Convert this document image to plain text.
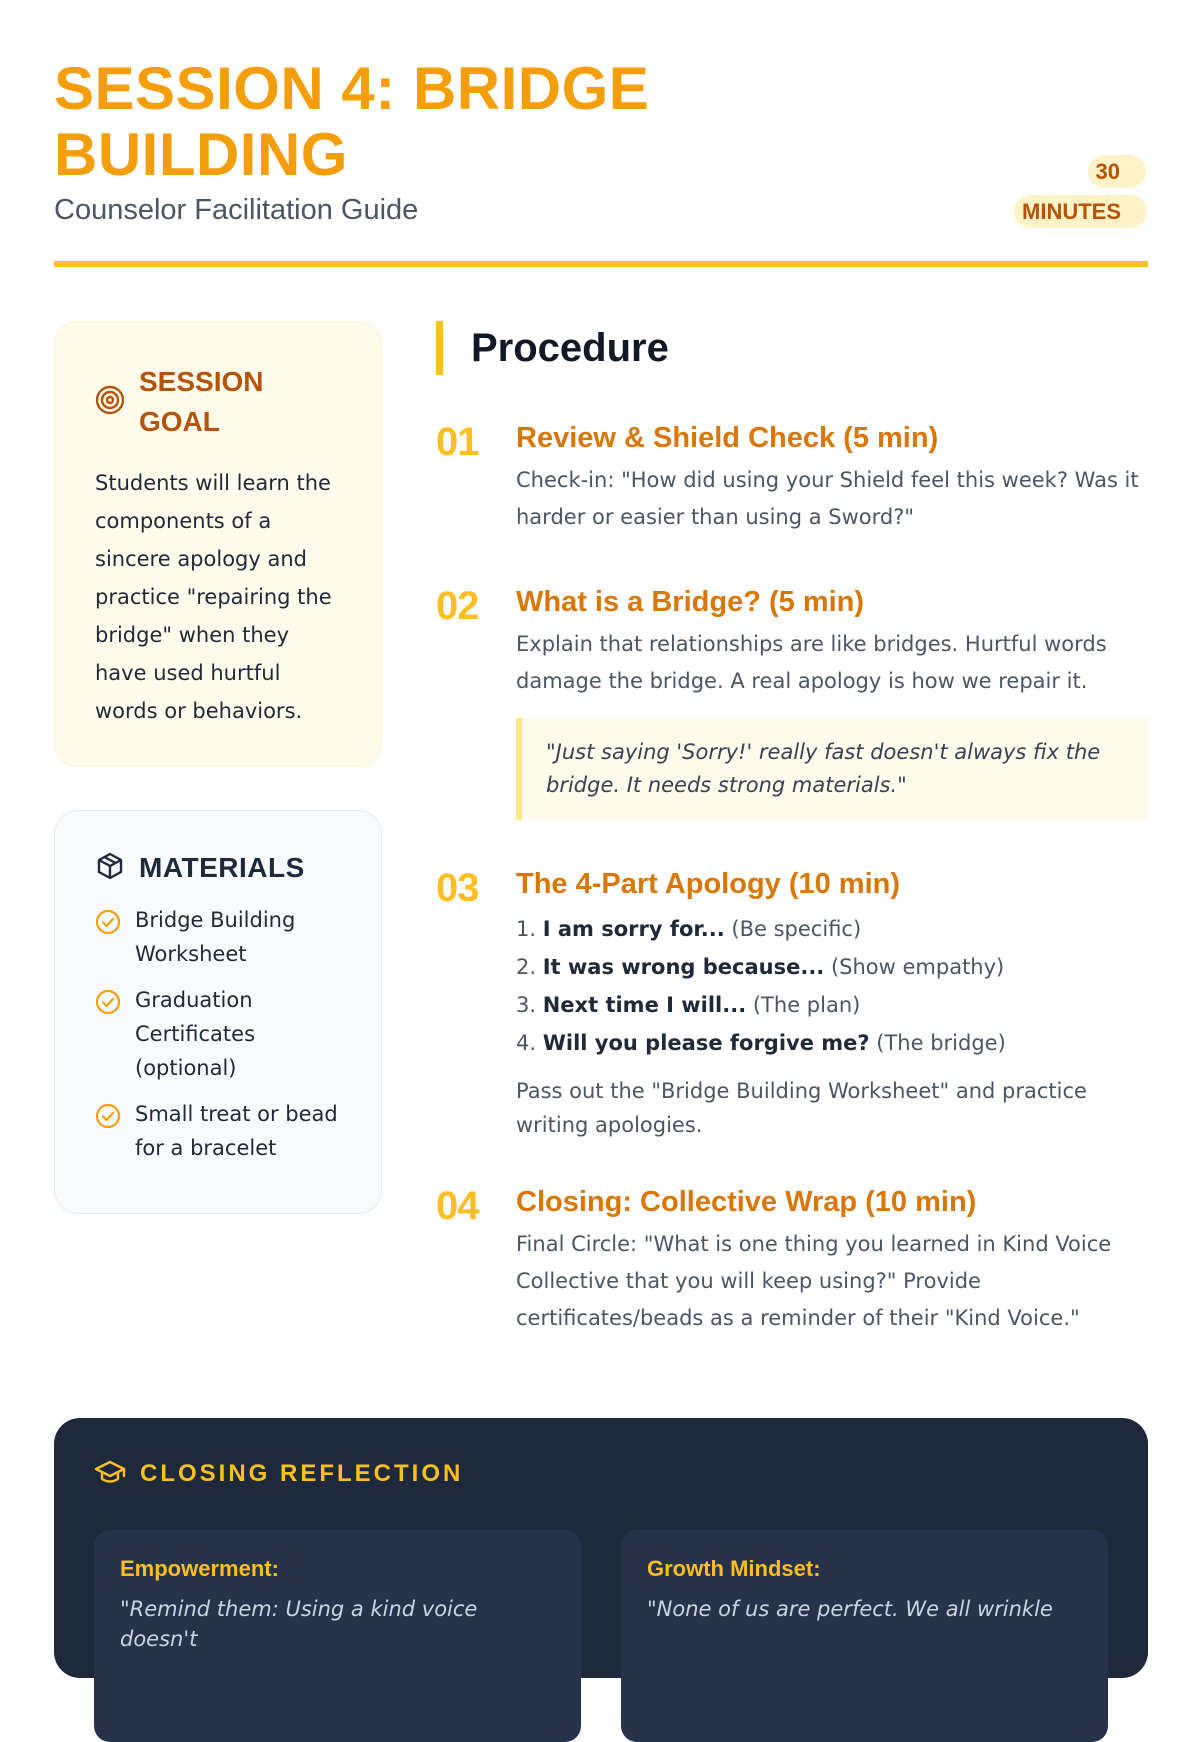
SESSION 4: BRIDGE BUILDING
Counselor Facilitation Guide
30
MINUTES
SESSION GOAL
Students will learn the components of a sincere apology and practice "repairing the bridge" when they have used hurtful words or behaviors.
MATERIALS
Bridge Building Worksheet
Graduation Certificates (optional)
Small treat or bead for a bracelet
Procedure
01 Review & Shield Check (5 min)
Check-in: "How did using your Shield feel this week? Was it harder or easier than using a Sword?"
02 What is a Bridge? (5 min)
Explain that relationships are like bridges. Hurtful words damage the bridge. A real apology is how we repair it.
"Just saying 'Sorry!' really fast doesn't always fix the bridge. It needs strong materials."
03 The 4-Part Apology (10 min)
1. I am sorry for... (Be specific)
2. It was wrong because... (Show empathy)
3. Next time I will... (The plan)
4. Will you please forgive me? (The bridge)
Pass out the "Bridge Building Worksheet" and practice writing apologies.
04 Closing: Collective Wrap (10 min)
Final Circle: "What is one thing you learned in Kind Voice Collective that you will keep using?" Provide certificates/beads as a reminder of their "Kind Voice."
CLOSING REFLECTION
Empowerment:
"Remind them: Using a kind voice doesn't
Growth Mindset:
"None of us are perfect. We all wrinkle
